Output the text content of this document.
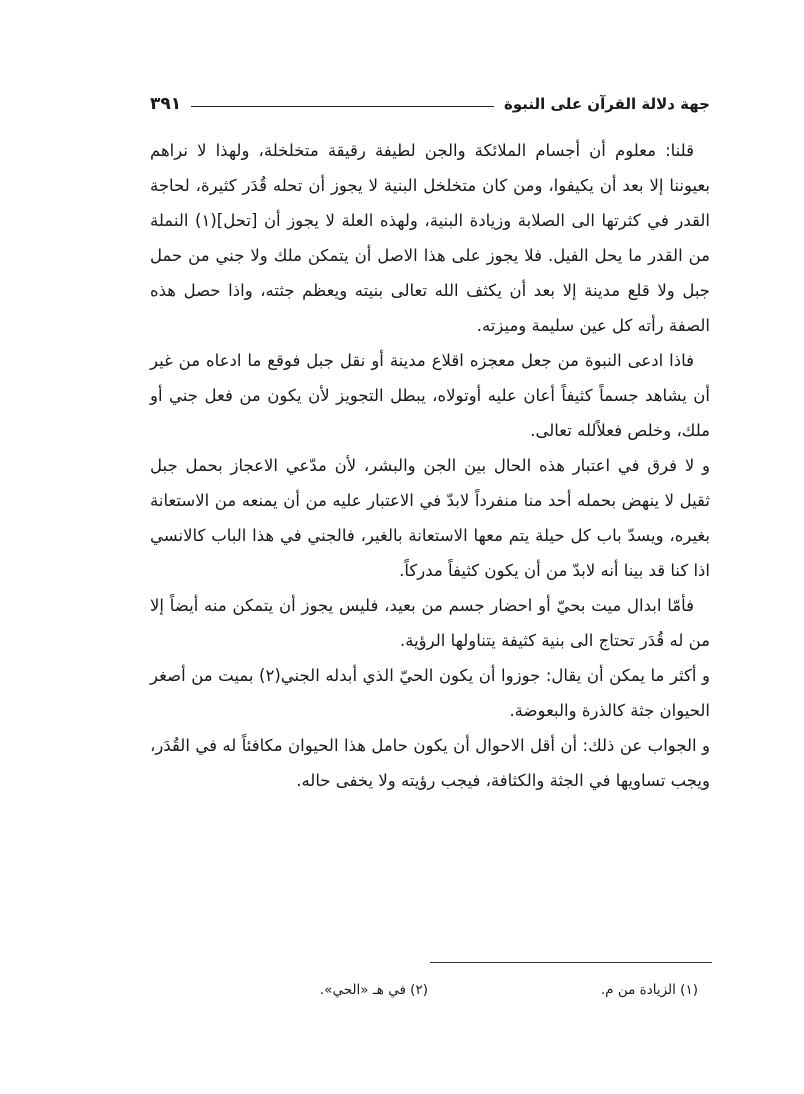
جهة دلالة القرآن على النبوة
٣٩١

قلنا: معلوم أن أجسام الملائكة والجن لطيفة رقيقة متخلخلة، ولهذا لا نراهم بعيوننا إلا بعد أن يكيفوا، ومن كان متخلخل البنية لا يجوز أن تحله قُدَر كثيرة، لحاجة القدر في كثرتها الى الصلابة وزيادة البنية، ولهذه العلة لا يجوز أن [تحل](١) النملة من القدر ما يحل الفيل. فلا يجوز على هذا الاصل أن يتمكن ملك ولا جني من حمل جبل ولا قلع مدينة إلا بعد أن يكثف الله تعالى بنيته ويعظم جثته، واذا حصل هذه الصفة رأته كل عين سليمة وميزته.

فاذا ادعى النبوة من جعل معجزه اقلاع مدينة أو نقل جبل فوقع ما ادعاه من غير أن يشاهد جسماً كثيفاً أعان عليه أوتولاه، يبطل التجويز لأن يكون من فعل جني أو ملك، وخلص فعلاًلله تعالى.

و لا فرق في اعتبار هذه الحال بين الجن والبشر، لأن مدّعي الاعجاز بحمل جبل ثقيل لا ينهض بحمله أحد منا منفرداً لابدّ في الاعتبار عليه من أن يمنعه من الاستعانة بغيره، ويسدّ باب كل حيلة يتم معها الاستعانة بالغير، فالجني في هذا الباب كالانسي اذا كنا قد بينا أنه لابدّ من أن يكون كثيفاً مدركاً.

فأمّا ابدال ميت بحيّ أو احضار جسم من بعيد، فليس يجوز أن يتمكن منه أيضاً إلا من له قُدَر تحتاج الى بنية كثيفة يتناولها الرؤية.

و أكثر ما يمكن أن يقال: جوزوا أن يكون الحيّ الذي أبدله الجني(٢) بميت من أصغر الحيوان جثة كالذرة والبعوضة.

و الجواب عن ذلك: أن أقل الاحوال أن يكون حامل هذا الحيوان مكافئاً له في القُدَر، ويجب تساويها في الجثة والكثافة، فيجب رؤيته ولا يخفى حاله.

(١) الزيادة من م.
(٢) في هـ «الحي».
